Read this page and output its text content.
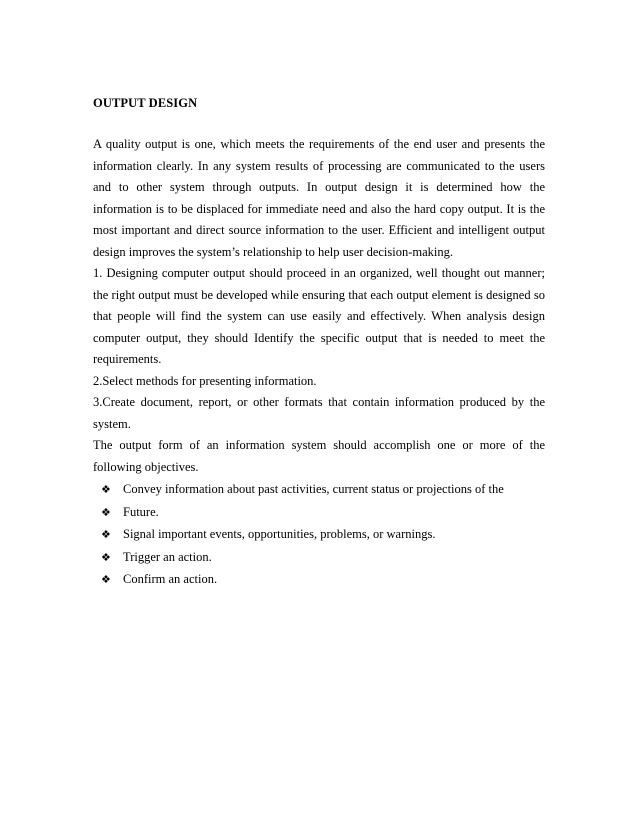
OUTPUT DESIGN

A quality output is one, which meets the requirements of the end user and presents the information clearly. In any system results of processing are communicated to the users and to other system through outputs. In output design it is determined how the information is to be displaced for immediate need and also the hard copy output. It is the most important and direct source information to the user. Efficient and intelligent output design improves the system’s relationship to help user decision-making.

1. Designing computer output should proceed in an organized, well thought out manner; the right output must be developed while ensuring that each output element is designed so that people will find the system can use easily and effectively. When analysis design computer output, they should Identify the specific output that is needed to meet the requirements.

2.Select methods for presenting information.

3.Create document, report, or other formats that contain information produced by the system.

The output form of an information system should accomplish one or more of the following objectives.

❖ Convey information about past activities, current status or projections of the
❖ Future.
❖ Signal important events, opportunities, problems, or warnings.
❖ Trigger an action.
❖ Confirm an action.
